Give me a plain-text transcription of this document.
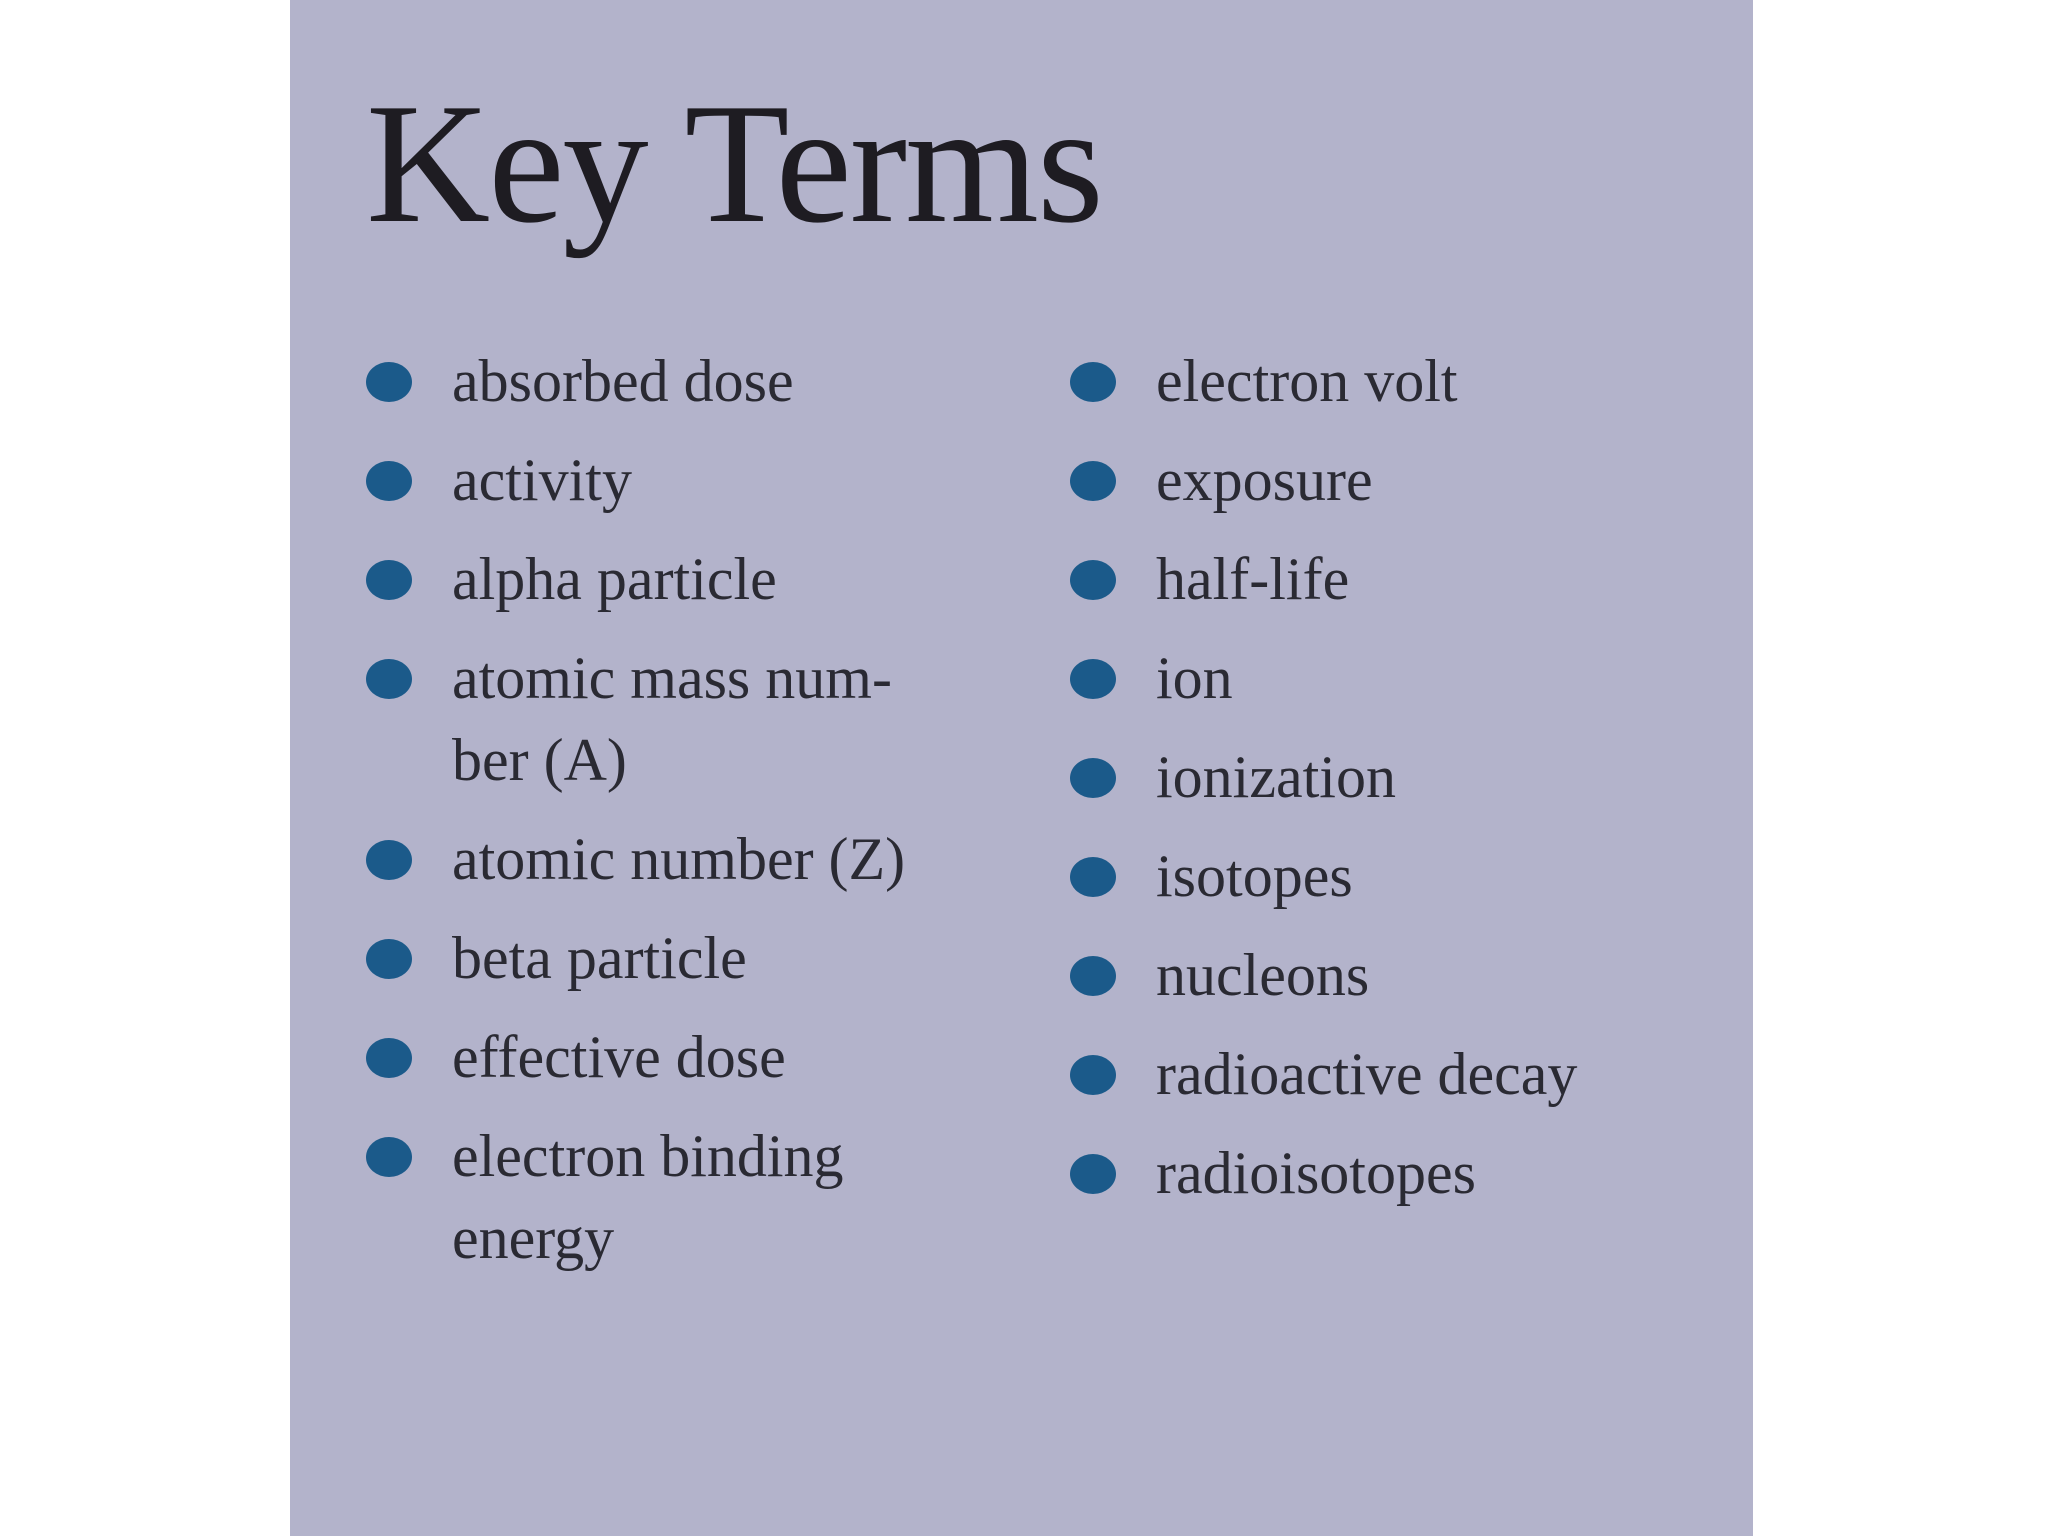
Key Terms
absorbed dose
activity
alpha particle
atomic mass num-
ber (A)
atomic number (Z)
beta particle
effective dose
electron binding
energy
electron volt
exposure
half-life
ion
ionization
isotopes
nucleons
radioactive decay
radioisotopes
